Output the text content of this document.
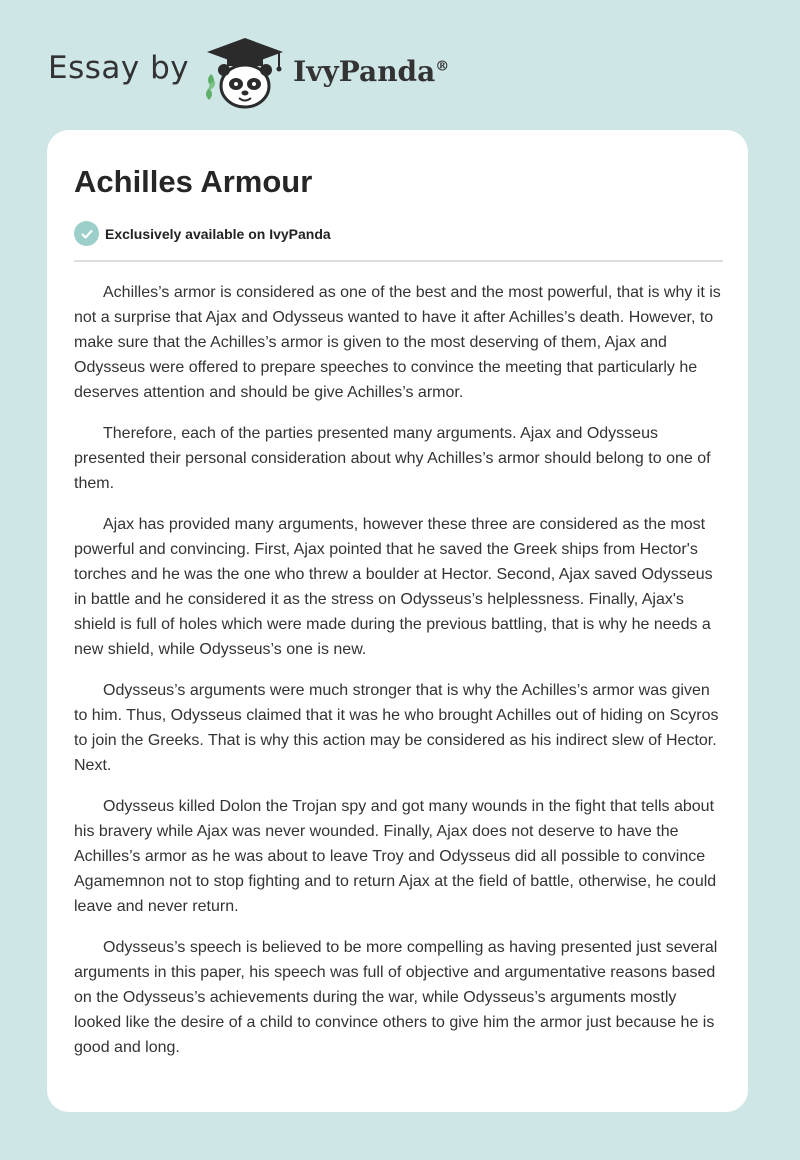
Essay by	IvyPanda®
Achilles Armour
Exclusively available on IvyPanda

Achilles’s armor is considered as one of the best and the most powerful, that is why it is not a surprise that Ajax and Odysseus wanted to have it after Achilles’s death. However, to make sure that the Achilles’s armor is given to the most deserving of them, Ajax and Odysseus were offered to prepare speeches to convince the meeting that particularly he deserves attention and should be give Achilles’s armor.

Therefore, each of the parties presented many arguments. Ajax and Odysseus presented their personal consideration about why Achilles’s armor should belong to one of them.

Ajax has provided many arguments, however these three are considered as the most powerful and convincing. First, Ajax pointed that he saved the Greek ships from Hector's torches and he was the one who threw a boulder at Hector. Second, Ajax saved Odysseus in battle and he considered it as the stress on Odysseus’s helplessness. Finally, Ajax's shield is full of holes which were made during the previous battling, that is why he needs a new shield, while Odysseus’s one is new.

Odysseus’s arguments were much stronger that is why the Achilles’s armor was given to him. Thus, Odysseus claimed that it was he who brought Achilles out of hiding on Scyros to join the Greeks. That is why this action may be considered as his indirect slew of Hector. Next.

Odysseus killed Dolon the Trojan spy and got many wounds in the fight that tells about his bravery while Ajax was never wounded. Finally, Ajax does not deserve to have the Achilles’s armor as he was about to leave Troy and Odysseus did all possible to convince Agamemnon not to stop fighting and to return Ajax at the field of battle, otherwise, he could leave and never return.

Odysseus’s speech is believed to be more compelling as having presented just several arguments in this paper, his speech was full of objective and argumentative reasons based on the Odysseus’s achievements during the war, while Odysseus’s arguments mostly looked like the desire of a child to convince others to give him the armor just because he is good and long.
